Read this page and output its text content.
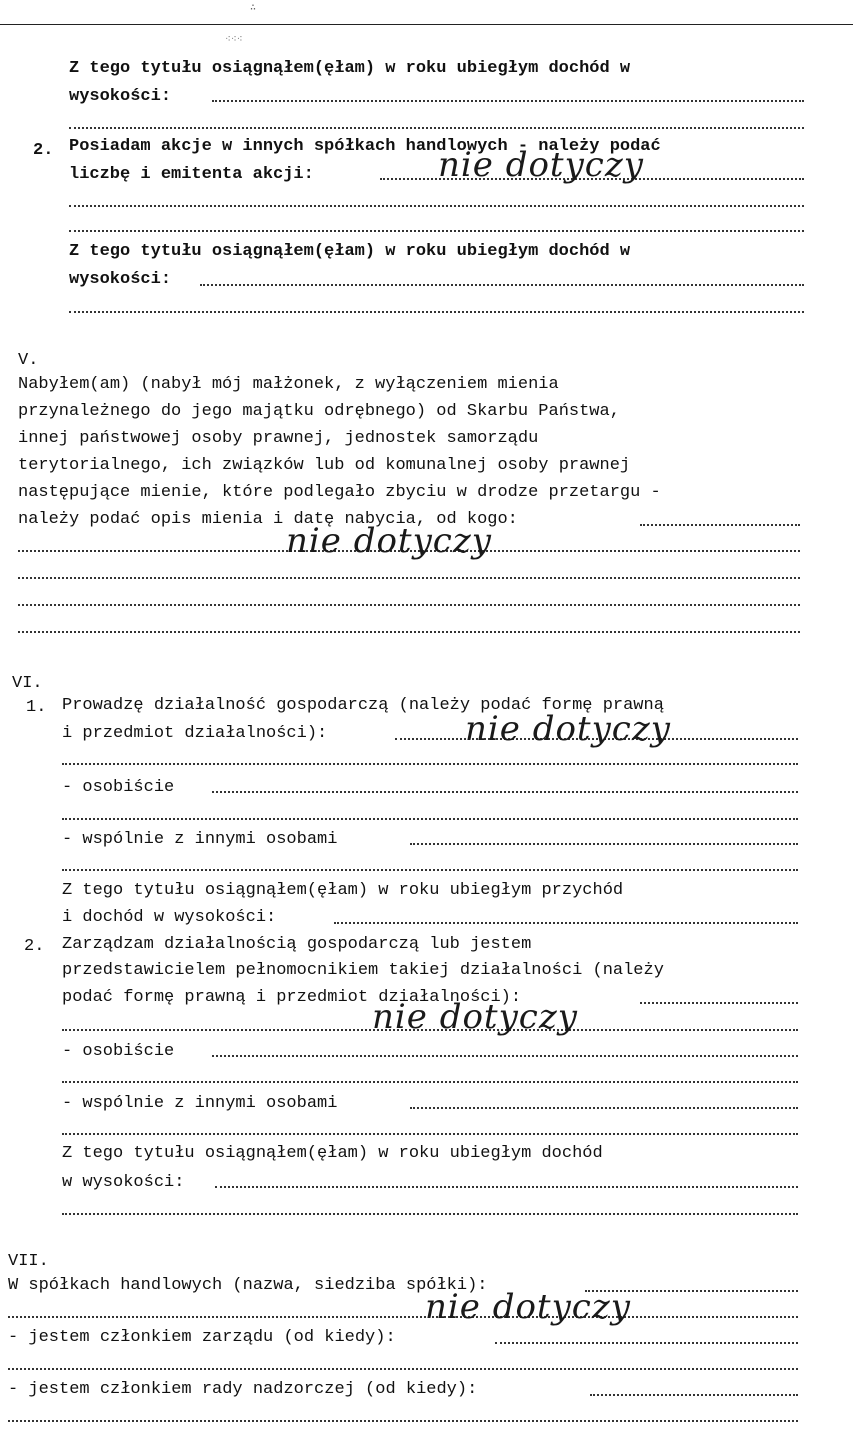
∴
⁖⁖⁖
Z tego tytułu osiągnąłem(ęłam) w roku ubiegłym dochód w
wysokości:
2. Posiadam akcje w innych spółkach handlowych - należy podać
liczbę i emitenta akcji:	nie dotyczy
Z tego tytułu osiągnąłem(ęłam) w roku ubiegłym dochód w
wysokości:
V.
Nabyłem(am) (nabył mój małżonek, z wyłączeniem mienia
przynależnego do jego majątku odrębnego) od Skarbu Państwa,
innej państwowej osoby prawnej, jednostek samorządu
terytorialnego, ich związków lub od komunalnej osoby prawnej
następujące mienie, które podlegało zbyciu w drodze przetargu -
należy podać opis mienia i datę nabycia, od kogo:
nie dotyczy
VI.
1. Prowadzę działalność gospodarczą (należy podać formę prawną
i przedmiot działalności):	nie dotyczy
- osobiście
- wspólnie z innymi osobami
Z tego tytułu osiągnąłem(ęłam) w roku ubiegłym przychód
i dochód w wysokości:
2. Zarządzam działalnością gospodarczą lub jestem
przedstawicielem pełnomocnikiem takiej działalności (należy
podać formę prawną i przedmiot działalności):
nie dotyczy
- osobiście
- wspólnie z innymi osobami
Z tego tytułu osiągnąłem(ęłam) w roku ubiegłym dochód
w wysokości:
VII.
W spółkach handlowych (nazwa, siedziba spółki):
nie dotyczy
- jestem członkiem zarządu (od kiedy):
- jestem członkiem rady nadzorczej (od kiedy):
